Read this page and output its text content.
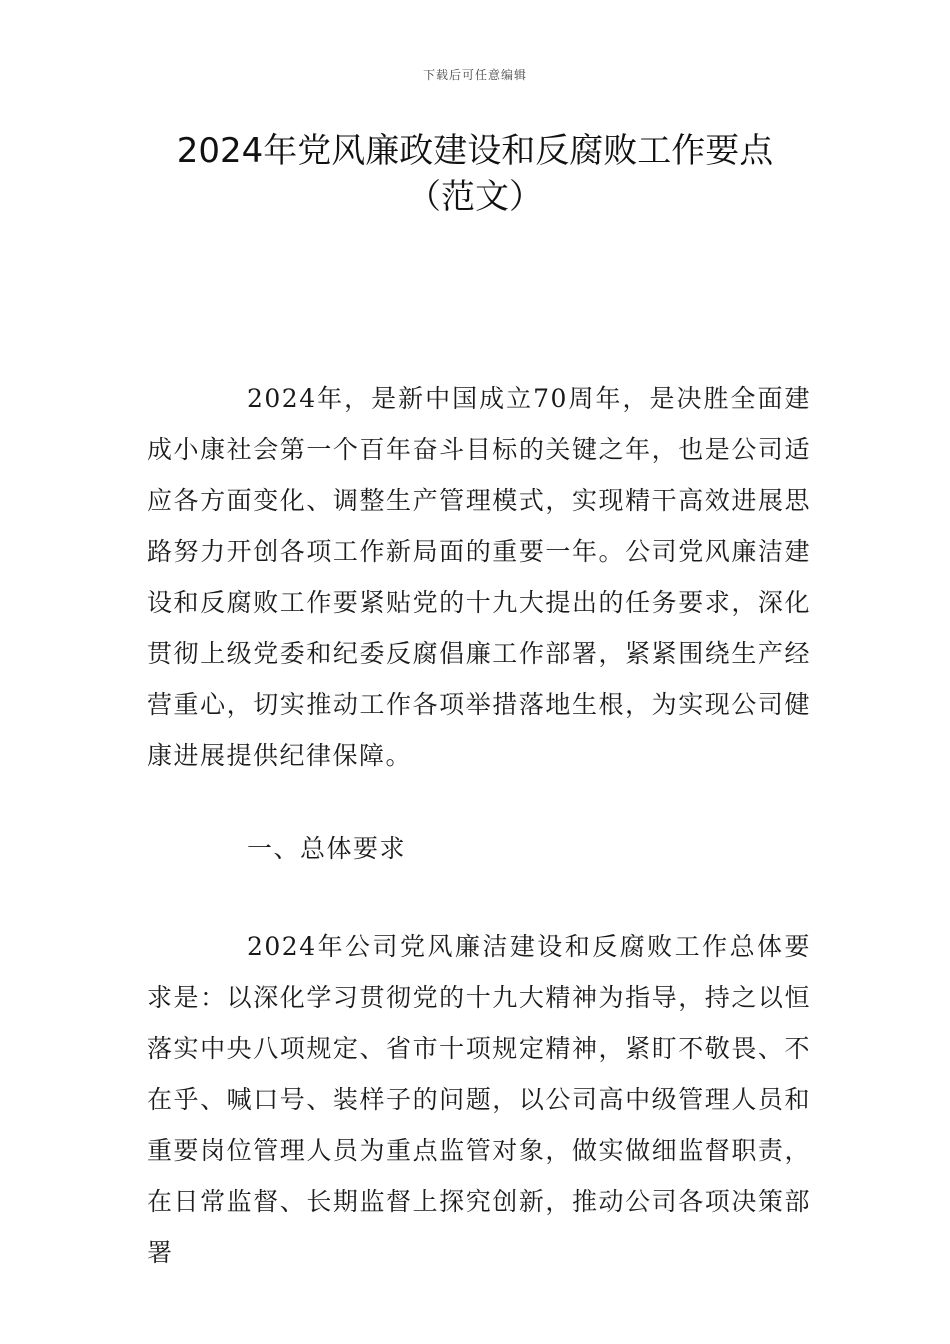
下载后可任意编辑
2024年党风廉政建设和反腐败工作要点
（范文）

2024年，是新中国成立70周年，是决胜全面建成小康社会第一个百年奋斗目标的关键之年，也是公司适应各方面变化、调整生产管理模式，实现精干高效进展思路努力开创各项工作新局面的重要一年。公司党风廉洁建设和反腐败工作要紧贴党的十九大提出的任务要求，深化贯彻上级党委和纪委反腐倡廉工作部署，紧紧围绕生产经营重心，切实推动工作各项举措落地生根，为实现公司健康进展提供纪律保障。

一、总体要求

2024年公司党风廉洁建设和反腐败工作总体要求是：以深化学习贯彻党的十九大精神为指导，持之以恒落实中央八项规定、省市十项规定精神，紧盯不敬畏、不在乎、喊口号、装样子的问题，以公司高中级管理人员和重要岗位管理人员为重点监管对象，做实做细监督职责，在日常监督、长期监督上探究创新，推动公司各项决策部署
